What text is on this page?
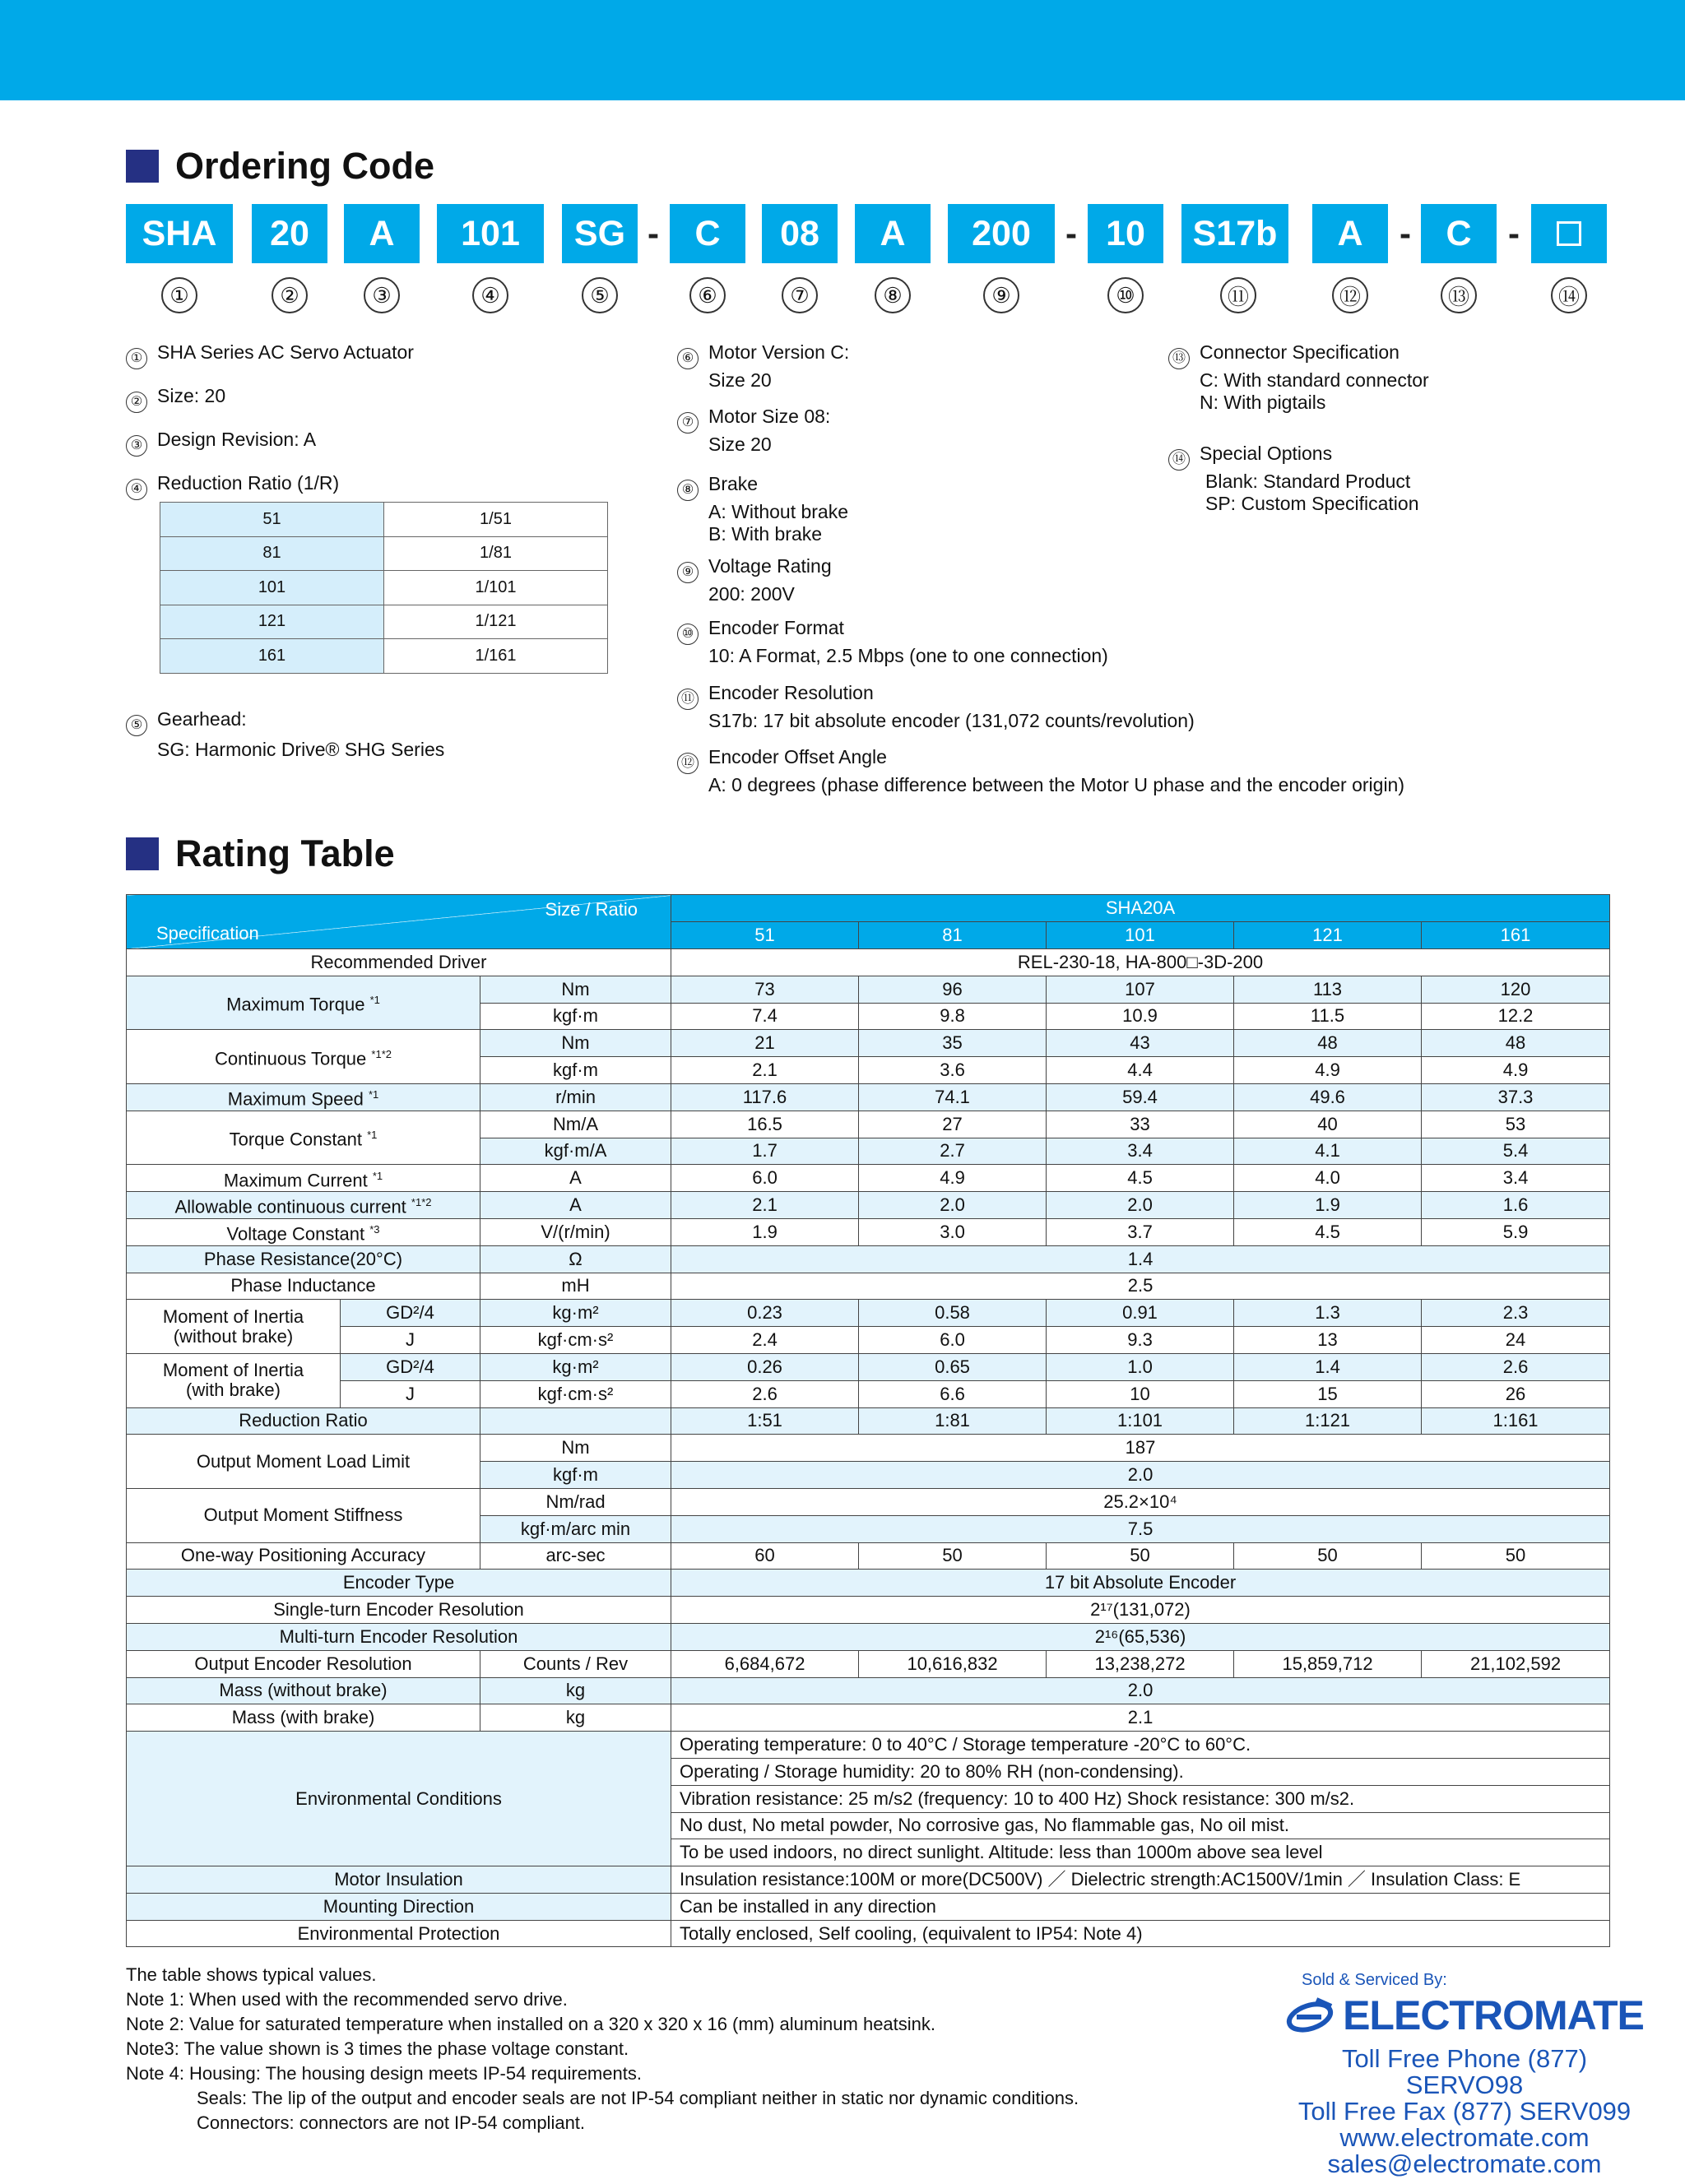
Ordering Code
SHA	20	A	101	SG -	C	08	A	200	- 10	S17b	A	- C	-
①	②	③	④	⑤	⑥	⑦	⑧	⑨	⑩	⑪	⑫	⑬	⑭
① SHA Series AC Servo Actuator
② Size: 20
③ Design Revision: A
④ Reduction Ratio (1/R)
51	1/51
81	1/81
101	1/101
121	1/121
161	1/161
⑤ Gearhead:
SG: Harmonic Drive® SHG Series
⑥ Motor Version C:
Size 20
⑦ Motor Size 08:
Size 20
⑧ Brake
A: Without brake
B: With brake
⑨ Voltage Rating
200: 200V
⑩ Encoder Format
10: A Format, 2.5 Mbps (one to one connection)
⑪ Encoder Resolution
S17b: 17 bit absolute encoder (131,072 counts/revolution)
⑫ Encoder Offset Angle
A: 0 degrees (phase difference between the Motor U phase and the encoder origin)
⑬ Connector Specification
C: With standard connector
N: With pigtails
⑭ Special Options
Blank: Standard Product
SP: Custom Specification
Rating Table
Size / Ratio
Specification			SHA20A				
			51	81	101	121	161
Recommended Driver			REL-230-18, HA-800□-3D-200				
Maximum Torque $^{*1}$		Nm	73	96	107	113	120
		kgf·m	7.4	9.8	10.9	11.5	12.2
Continuous Torque $^{*1*2}$		Nm	21	35	43	48	48
		kgf·m	2.1	3.6	4.4	4.9	4.9
Maximum Speed $^{*1}$		r/min	117.6	74.1	59.4	49.6	37.3
Torque Constant $^{*1}$		Nm/A	16.5	27	33	40	53
		kgf·m/A	1.7	2.7	3.4	4.1	5.4
Maximum Current $^{*1}$		A	6.0	4.9	4.5	4.0	3.4
Allowable continuous current $^{*1*2}$		A	2.1	2.0	2.0	1.9	1.6
Voltage Constant $^{*3}$		V/(r/min)	1.9	3.0	3.7	4.5	5.9
Phase Resistance(20°C)		Ω	1.4				
Phase Inductance		mH	2.5				

Moment of Inertia
(without brake)	GD²/4	kg·m²	0.23	0.58	0.91	1.3	2.3
	J	kgf·cm·s²	2.4	6.0	9.3	13	24

Moment of Inertia
(with brake)	GD²/4	kg·m²	0.26	0.65	1.0	1.4	2.6
	J	kgf·cm·s²	2.6	6.6	10	15	26
Reduction Ratio			1:51	1:81	1:101	1:121	1:161
Output Moment Load Limit		Nm	187				
		kgf·m	2.0				
Output Moment Stiffness		Nm/rad	25.2×10⁴				
		kgf·m/arc min	7.5				
One-way Positioning Accuracy		arc-sec	60	50	50	50	50
Encoder Type			17 bit Absolute Encoder				
Single-turn Encoder Resolution			2¹⁷(131,072)				
Multi-turn Encoder Resolution			2¹⁶(65,536)				
Output Encoder Resolution		Counts / Rev	6,684,672	10,616,832	13,238,272	15,859,712	21,102,592
Mass (without brake)		kg	2.0				
Mass (with brake)		kg	2.1				
Environmental Conditions			Operating temperature: 0 to 40°C / Storage temperature -20°C to 60°C.				
			Operating / Storage humidity: 20 to 80% RH (non-condensing).				
			Vibration resistance: 25 m/s2 (frequency: 10 to 400 Hz) Shock resistance: 300 m/s2.				
			No dust, No metal powder, No corrosive gas, No flammable gas, No oil mist.				
			To be used indoors, no direct sunlight. Altitude: less than 1000m above sea level				
Motor Insulation			Insulation resistance:100M or more(DC500V) ／ Dielectric strength:AC1500V/1min ／ Insulation Class: E				
Mounting Direction			Can be installed in any direction				
Environmental Protection			Totally enclosed, Self cooling, (equivalent to IP54: Note 4)				
The table shows typical values.
Note 1: When used with the recommended servo drive.
Note 2: Value for saturated temperature when installed on a 320 x 320 x 16 (mm) aluminum heatsink.
Note3: The value shown is 3 times the phase voltage constant.
Note 4: Housing: The housing design meets IP-54 requirements.
Seals: The lip of the output and encoder seals are not IP-54 compliant neither in static nor dynamic conditions.
Connectors: connectors are not IP-54 compliant.
Sold & Serviced By:
ELECTROMATE
Toll Free Phone (877) SERVO98
Toll Free Fax (877) SERV099
www.electromate.com
sales@electromate.com
